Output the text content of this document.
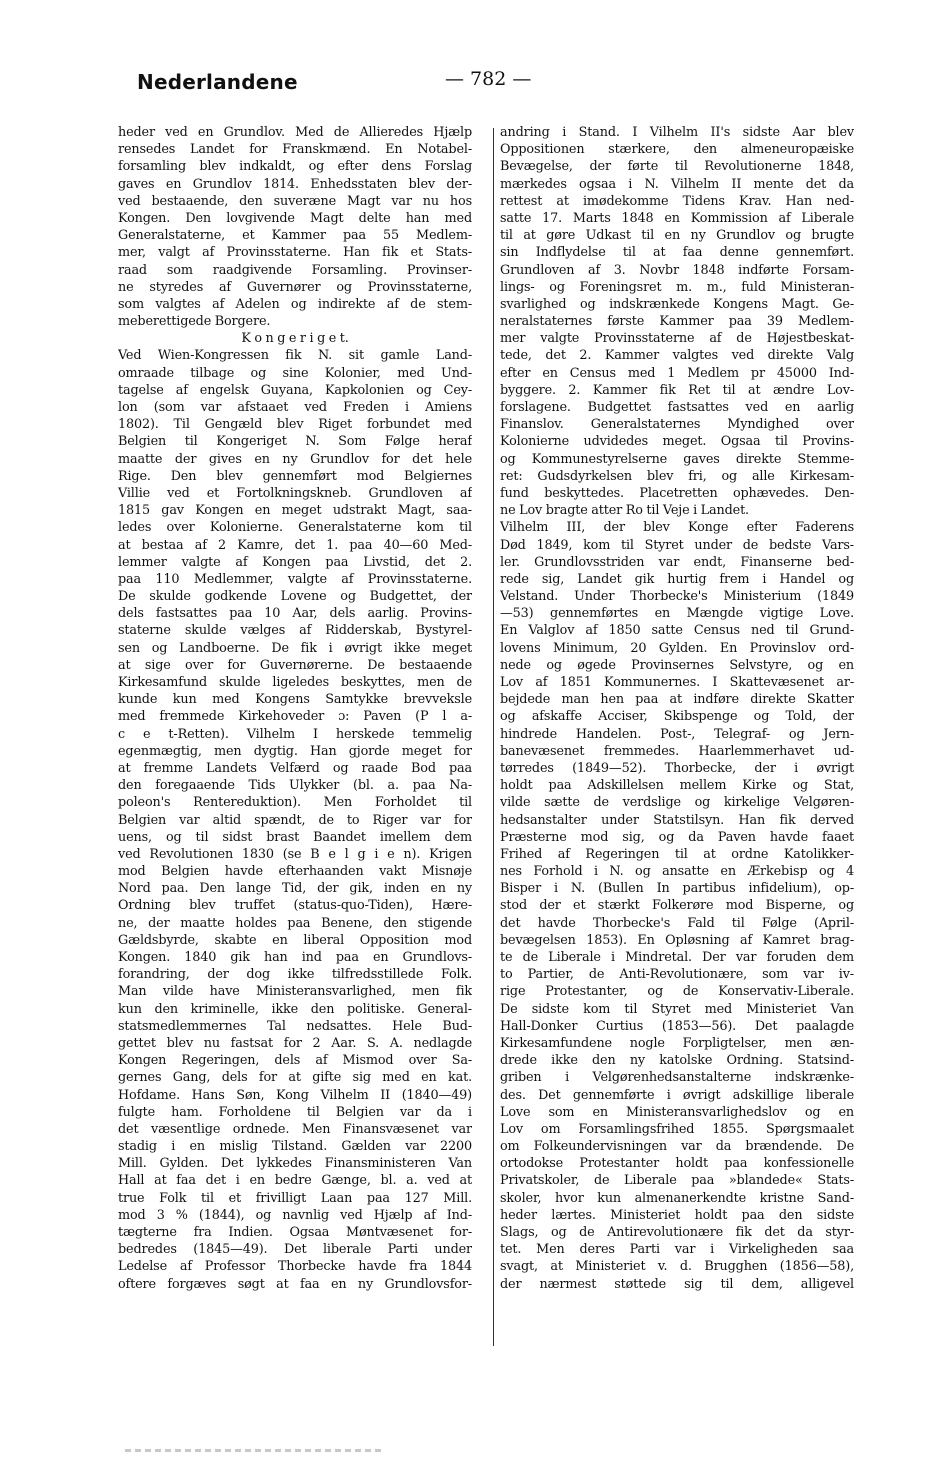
Nederlandene	— 782 —
heder ved en Grundlov. Med de Allieredes Hjælp
rensedes Landet for Franskmænd. En Notabel-
forsamling blev indkaldt, og efter dens Forslag
gaves en Grundlov 1814. Enhedsstaten blev der-
ved bestaaende, den suveræne Magt var nu hos
Kongen. Den lovgivende Magt delte han med
Generalstaterne, et Kammer paa 55 Medlem-
mer, valgt af Provinsstaterne. Han fik et Stats-
raad som raadgivende Forsamling. Provinser-
ne styredes af Guvernører og Provinsstaterne,
som valgtes af Adelen og indirekte af de stem-
meberettigede Borgere.
K o n g e r i g e t.
Ved Wien-Kongressen fik N. sit gamle Land-
omraade tilbage og sine Kolonier, med Und-
tagelse af engelsk Guyana, Kapkolonien og Cey-
lon (som var afstaaet ved Freden i Amiens
1802). Til Gengæld blev Riget forbundet med
Belgien til Kongeriget N. Som Følge heraf
maatte der gives en ny Grundlov for det hele
Rige. Den blev gennemført mod Belgiernes
Villie ved et Fortolkningskneb. Grundloven af
1815 gav Kongen en meget udstrakt Magt, saa-
ledes over Kolonierne. Generalstaterne kom til
at bestaa af 2 Kamre, det 1. paa 40—60 Med-
lemmer valgte af Kongen paa Livstid, det 2.
paa 110 Medlemmer, valgte af Provinsstaterne.
De skulde godkende Lovene og Budgettet, der
dels fastsattes paa 10 Aar, dels aarlig. Provins-
staterne skulde vælges af Ridderskab, Bystyrel-
sen og Landboerne. De fik i øvrigt ikke meget
at sige over for Guvernørerne. De bestaaende
Kirkesamfund skulde ligeledes beskyttes, men de
kunde kun med Kongens Samtykke brevveksle
med fremmede Kirkehoveder ɔ: Paven (P l a-
c e t-Retten). Vilhelm I herskede temmelig
egenmægtig, men dygtig. Han gjorde meget for
at fremme Landets Velfærd og raade Bod paa
den foregaaende Tids Ulykker (bl. a. paa Na-
poleon's Rentereduktion). Men Forholdet til
Belgien var altid spændt, de to Riger var for
uens, og til sidst brast Baandet imellem dem
ved Revolutionen 1830 (se B e l g i e n). Krigen
mod Belgien havde efterhaanden vakt Misnøje
Nord paa. Den lange Tid, der gik, inden en ny
Ordning blev truffet (status-quo-Tiden), Hære-
ne, der maatte holdes paa Benene, den stigende
Gældsbyrde, skabte en liberal Opposition mod
Kongen. 1840 gik han ind paa en Grundlovs-
forandring, der dog ikke tilfredsstillede Folk.
Man vilde have Ministeransvarlighed, men fik
kun den kriminelle, ikke den politiske. General-
statsmedlemmernes Tal nedsattes. Hele Bud-
gettet blev nu fastsat for 2 Aar. S. A. nedlagde
Kongen Regeringen, dels af Mismod over Sa-
gernes Gang, dels for at gifte sig med en kat.
Hofdame. Hans Søn, Kong Vilhelm II (1840—49)
fulgte ham. Forholdene til Belgien var da i
det væsentlige ordnede. Men Finansvæsenet var
stadig i en mislig Tilstand. Gælden var 2200
Mill. Gylden. Det lykkedes Finansministeren Van
Hall at faa det i en bedre Gænge, bl. a. ved at
true Folk til et frivilligt Laan paa 127 Mill.
mod 3 % (1844), og navnlig ved Hjælp af Ind-
tægterne fra Indien. Ogsaa Møntvæsenet for-
bedredes (1845—49). Det liberale Parti under
Ledelse af Professor Thorbecke havde fra 1844
oftere forgæves søgt at faa en ny Grundlovsfor-
andring i Stand. I Vilhelm II's sidste Aar blev
Oppositionen stærkere, den almeneuropæiske
Bevægelse, der førte til Revolutionerne 1848,
mærkedes ogsaa i N. Vilhelm II mente det da
rettest at imødekomme Tidens Krav. Han ned-
satte 17. Marts 1848 en Kommission af Liberale
til at gøre Udkast til en ny Grundlov og brugte
sin Indflydelse til at faa denne gennemført.
Grundloven af 3. Novbr 1848 indførte Forsam-
lings- og Foreningsret m. m., fuld Ministeran-
svarlighed og indskrænkede Kongens Magt. Ge-
neralstaternes første Kammer paa 39 Medlem-
mer valgte Provinsstaterne af de Højestbeskat-
tede, det 2. Kammer valgtes ved direkte Valg
efter en Census med 1 Medlem pr 45000 Ind-
byggere. 2. Kammer fik Ret til at ændre Lov-
forslagene. Budgettet fastsattes ved en aarlig
Finanslov. Generalstaternes Myndighed over
Kolonierne udvidedes meget. Ogsaa til Provins-
og Kommunestyrelserne gaves direkte Stemme-
ret: Gudsdyrkelsen blev fri, og alle Kirkesam-
fund beskyttedes. Placetretten ophævedes. Den-
ne Lov bragte atter Ro til Veje i Landet.
Vilhelm III, der blev Konge efter Faderens
Død 1849, kom til Styret under de bedste Vars-
ler. Grundlovsstriden var endt, Finanserne bed-
rede sig, Landet gik hurtig frem i Handel og
Velstand. Under Thorbecke's Ministerium (1849
—53) gennemførtes en Mængde vigtige Love.
En Valglov af 1850 satte Census ned til Grund-
lovens Minimum, 20 Gylden. En Provinslov ord-
nede og øgede Provinsernes Selvstyre, og en
Lov af 1851 Kommunernes. I Skattevæsenet ar-
bejdede man hen paa at indføre direkte Skatter
og afskaffe Acciser, Skibspenge og Told, der
hindrede Handelen. Post-, Telegraf- og Jern-
banevæsenet fremmedes. Haarlemmerhavet ud-
tørredes (1849—52). Thorbecke, der i øvrigt
holdt paa Adskillelsen mellem Kirke og Stat,
vilde sætte de verdslige og kirkelige Velgøren-
hedsanstalter under Statstilsyn. Han fik derved
Præsterne mod sig, og da Paven havde faaet
Frihed af Regeringen til at ordne Katolikker-
nes Forhold i N. og ansatte en Ærkebisp og 4
Bisper i N. (Bullen In partibus infidelium), op-
stod der et stærkt Folkerøre mod Bisperne, og
det havde Thorbecke's Fald til Følge (April-
bevægelsen 1853). En Opløsning af Kamret brag-
te de Liberale i Mindretal. Der var foruden dem
to Partier, de Anti-Revolutionære, som var iv-
rige Protestanter, og de Konservativ-Liberale.
De sidste kom til Styret med Ministeriet Van
Hall-Donker Curtius (1853—56). Det paalagde
Kirkesamfundene nogle Forpligtelser, men æn-
drede ikke den ny katolske Ordning. Statsind-
griben i Velgørenhedsanstalterne indskrænke-
des. Det gennemførte i øvrigt adskillige liberale
Love som en Ministeransvarlighedslov og en
Lov om Forsamlingsfrihed 1855. Spørgsmaalet
om Folkeundervisningen var da brændende. De
ortodokse Protestanter holdt paa konfessionelle
Privatskoler, de Liberale paa »blandede« Stats-
skoler, hvor kun almenanerkendte kristne Sand-
heder lærtes. Ministeriet holdt paa den sidste
Slags, og de Antirevolutionære fik det da styr-
tet. Men deres Parti var i Virkeligheden saa
svagt, at Ministeriet v. d. Brugghen (1856—58),
der nærmest støttede sig til dem, alligevel
